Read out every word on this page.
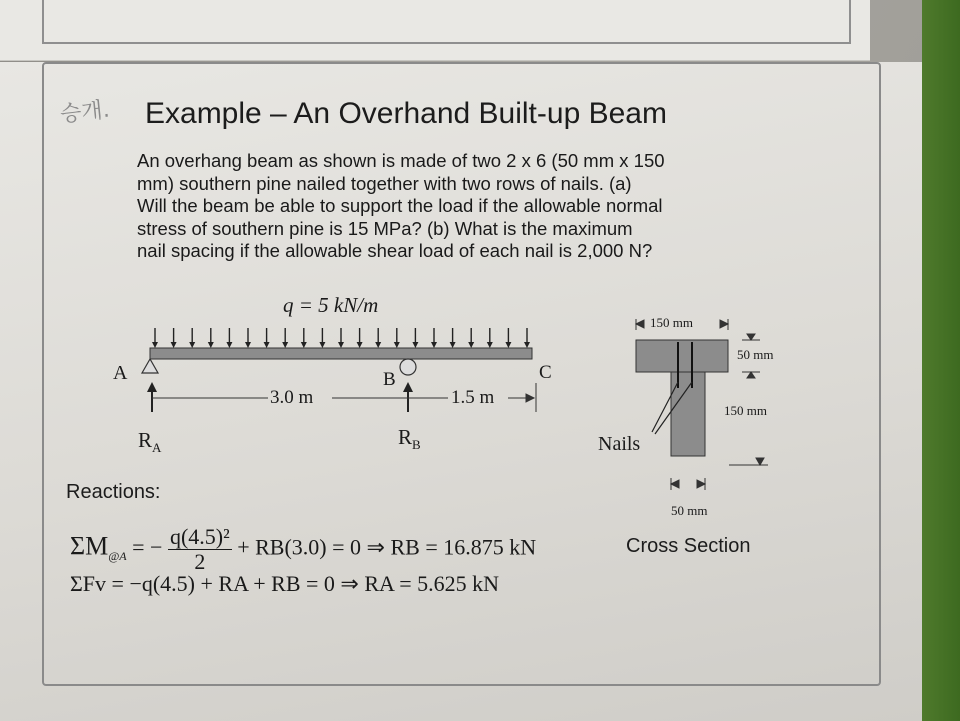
승개. Example – An Overhand Built-up Beam

An overhang beam as shown is made of two 2 x 6 (50 mm x 150

mm) southern pine nailed together with two rows of nails. (a)

Will the beam be able to support the load if the allowable normal

stress of southern pine is 15 MPa? (b) What is the maximum

nail spacing if the allowable shear load of each nail is 2,000 N?

q = 5 kN/m
A	B	C
3.0 m	1.5 m
$R_A$	$R_B$
150 mm
50 mm
150 mm
50 mm
Nails
Cross Section
Reactions:
$\Sigma M_{@A}$ = − $\frac{\text{q(4.5)²}}{2} + RB(3.0) = 0$ ⇒ RB = 16.875 kN
ΣFv = −q(4.5) + RA + RB = 0 ⇒ RA = 5.625 kN
